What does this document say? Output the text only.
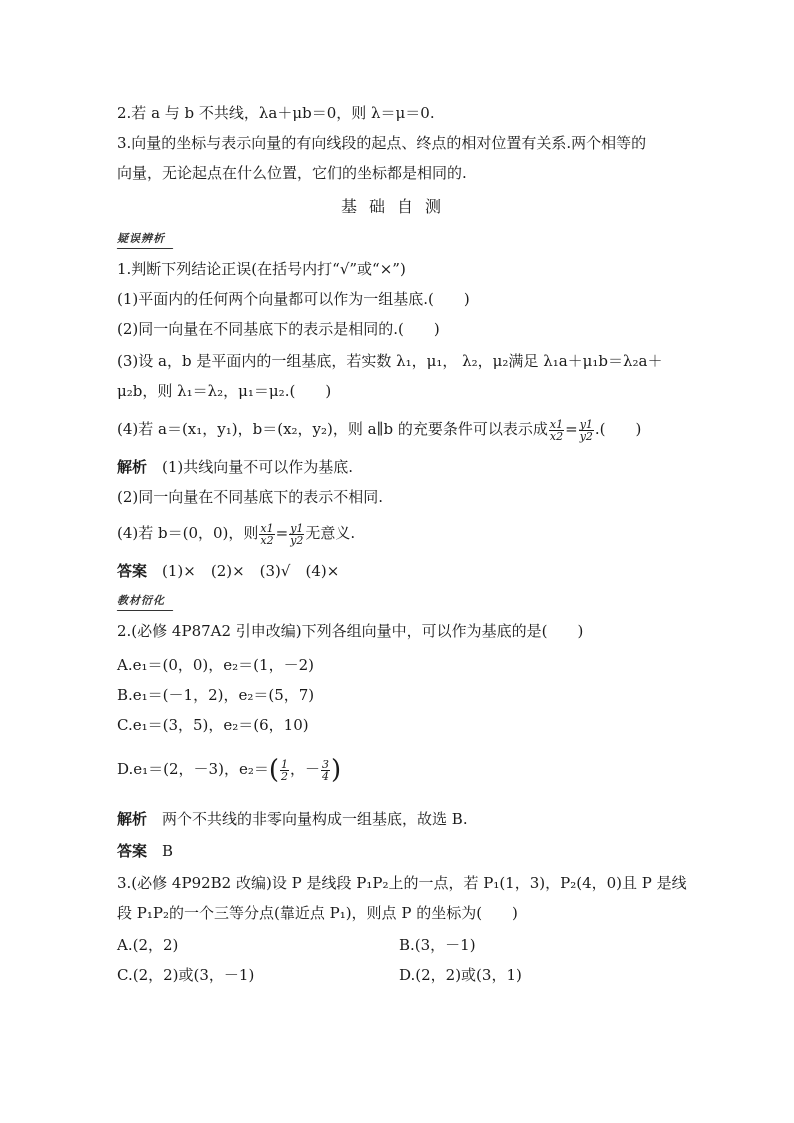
2.若 a 与 b 不共线，λa＋μb＝0，则 λ＝μ＝0.
3.向量的坐标与表示向量的有向线段的起点、终点的相对位置有关系.两个相等的
向量，无论起点在什么位置，它们的坐标都是相同的.
基础自测
疑误辨析
1.判断下列结论正误(在括号内打“√”或“×”)
(1)平面内的任何两个向量都可以作为一组基底.(　　)
(2)同一向量在不同基底下的表示是相同的.(　　)
(3)设 a，b 是平面内的一组基底，若实数 λ₁，μ₁， λ₂，μ₂满足 λ₁a＋μ₁b＝λ₂a＋
μ₂b，则 λ₁＝λ₂，μ₁＝μ₂.(　　)
(4)若 a＝(x₁，y₁)，b＝(x₂，y₂)，则 a∥b 的充要条件可以表示成 $\frac{x1}{x2} = \frac{y1}{y2}$ .(　　)
解析　 (1)共线向量不可以作为基底.
(2)同一向量在不同基底下的表示不相同.
(4)若 b＝(0，0)，则 $\frac{x1}{x2} = \frac{y1}{y2}$ 无意义.
答案　 (1)×　(2)×　(3)√　(4)×
教材衍化
2.(必修 4P87A2 引申改编)下列各组向量中，可以作为基底的是(　　)
A.e₁＝(0，0)，e₂＝(1，－2)
B.e₁＝(－1，2)，e₂＝(5，7)
C.e₁＝(3，5)，e₂＝(6，10)
D.e₁＝(2，－3)，$e_2=( \frac{1}{2}$ ，－ $\frac{3}{4}$ )
解析　 两个不共线的非零向量构成一组基底，故选 B.
答案　 B
3.(必修 4P92B2 改编)设 P 是线段 P₁P₂上的一点，若 P₁(1，3)，P₂(4，0)且 P 是线
段 P₁P₂的一个三等分点(靠近点 P₁)，则点 P 的坐标为(　　)
A.(2，2)	B.(3，－1)
C.(2，2)或(3，－1)	D.(2，2)或(3，1)
